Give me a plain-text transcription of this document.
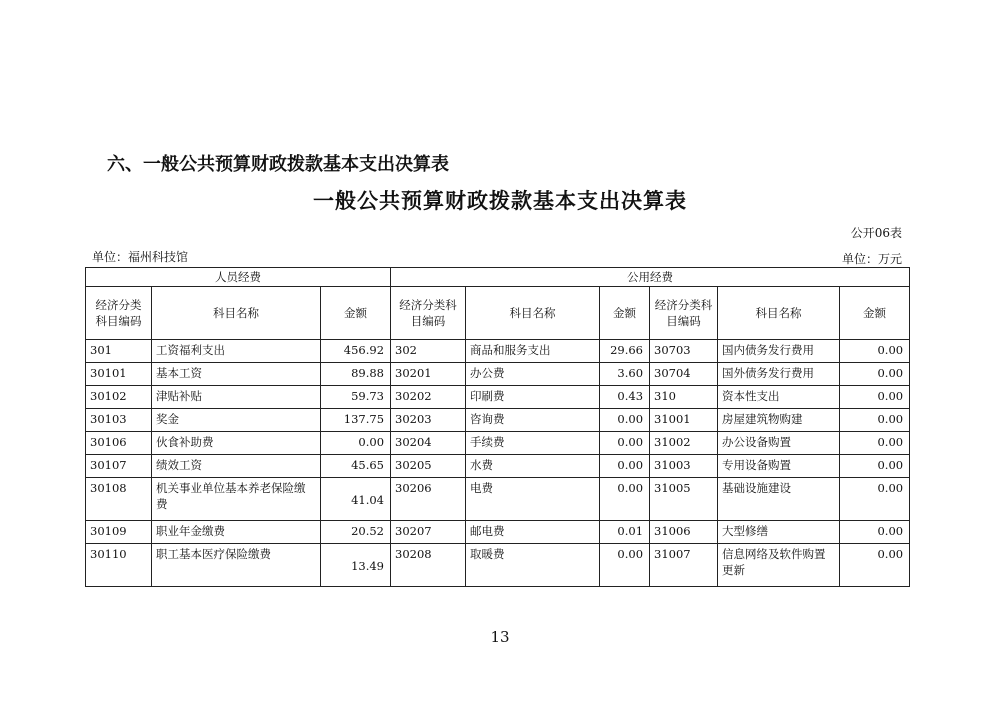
六、一般公共预算财政拨款基本支出决算表
一般公共预算财政拨款基本支出决算表
公开06表
单位：福州科技馆	单位：万元
人员经费			公用经费					
经济分类科目编码	科目名称	金额	经济分类科目编码	科目名称	金额	经济分类科目编码	科目名称	金额
301	工资福利支出	456.92	302	商品和服务支出	29.66	30703	国内债务发行费用	0.00
30101	基本工资	89.88	30201	办公费	3.60	30704	国外债务发行费用	0.00
30102	津贴补贴	59.73	30202	印刷费	0.43	310	资本性支出	0.00
30103	奖金	137.75	30203	咨询费	0.00	31001	房屋建筑物购建	0.00
30106	伙食补助费	0.00	30204	手续费	0.00	31002	办公设备购置	0.00
30107	绩效工资	45.65	30205	水费	0.00	31003	专用设备购置	0.00
30108	机关事业单位基本养老保险缴费	41.04	30206	电费	0.00	31005	基础设施建设	0.00
30109	职业年金缴费	20.52	30207	邮电费	0.01	31006	大型修缮	0.00
30110	职工基本医疗保险缴费	13.49	30208	取暖费	0.00	31007	信息网络及软件购置更新	0.00
13
